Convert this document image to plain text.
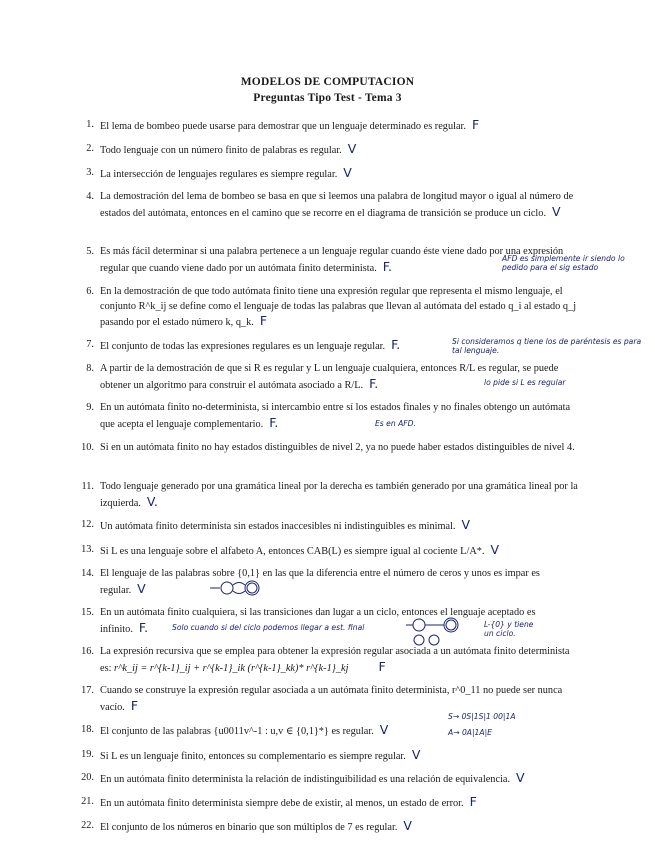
MODELOS DE COMPUTACION
Preguntas Tipo Test - Tema 3
1. El lema de bombeo puede usarse para demostrar que un lenguaje determinado es regular. F
2. Todo lenguaje con un número finito de palabras es regular. V
3. La intersección de lenguajes regulares es siempre regular. V
4. La demostración del lema de bombeo se basa en que si leemos una palabra de longitud mayor o igual al número de estados del autómata, entonces en el camino que se recorre en el diagrama de transición se produce un ciclo. V
5. Es más fácil determinar si una palabra pertenece a un lenguaje regular cuando éste viene dado por una expresión regular que cuando viene dado por un autómata finito determinista. F.
AFD es simplemente ir siendo lo pedido para el sig estado
6. En la demostración de que todo autómata finito tiene una expresión regular que representa el mismo lenguaje, el conjunto R^k_ij se define como el lenguaje de todas las palabras que llevan al autómata del estado q_i al estado q_j pasando por el estado número k, q_k. F
7. El conjunto de todas las expresiones regulares es un lenguaje regular. F.	Si consideramos q tiene los de paréntesis es para tal lenguaje.
8. A partir de la demostración de que si R es regular y L un lenguaje cualquiera, entonces R/L es regular, se puede obtener un algoritmo para construir el autómata asociado a R/L. F.	lo pide si L es regular
9. En un autómata finito no-determinista, si intercambio entre sí los estados finales y no finales obtengo un autómata que acepta el lenguaje complementario. F.	Es en AFD.
10. Si en un autómata finito no hay estados distinguibles de nivel 2, ya no puede haber estados distinguibles de nivel 4.
11. Todo lenguaje generado por una gramática lineal por la derecha es también generado por una gramática lineal por la izquierda. V.
12. Un autómata finito determinista sin estados inaccesibles ni indistinguibles es minimal. V
13. Si L es una lenguaje sobre el alfabeto A, entonces CAB(L) es siempre igual al cociente L/A*. V
14. El lenguaje de las palabras sobre {0,1} en las que la diferencia entre el número de ceros y unos es impar es regular. V
15. En un autómata finito cualquiera, si las transiciones dan lugar a un ciclo, entonces el lenguaje aceptado es infinito. F.	Solo cuando si del ciclo podemos llegar a est. final	L-{0} y tiene un ciclo.
16. La expresión recursiva que se emplea para obtener la expresión regular asociada a un autómata finito determinista es: r^k_ij = r^{k-1}_ij + r^{k-1}_ik (r^{k-1}_kk)* r^{k-1}_kj F
17. Cuando se construye la expresión regular asociada a un autómata finito determinista, r^0_11 no puede ser nunca vacío. F
18. El conjunto de las palabras {u0011v^-1 : u,v ∈ {0,1}*} es regular. V
S→ 0S|1S|1 00|1A
A→ 0A|1A|E
19. Si L es un lenguaje finito, entonces su complementario es siempre regular. V
20. En un autómata finito determinista la relación de indistinguibilidad es una relación de equivalencia. V
21. En un autómata finito determinista siempre debe de existir, al menos, un estado de error. F
22. El conjunto de los números en binario que son múltiplos de 7 es regular. V
